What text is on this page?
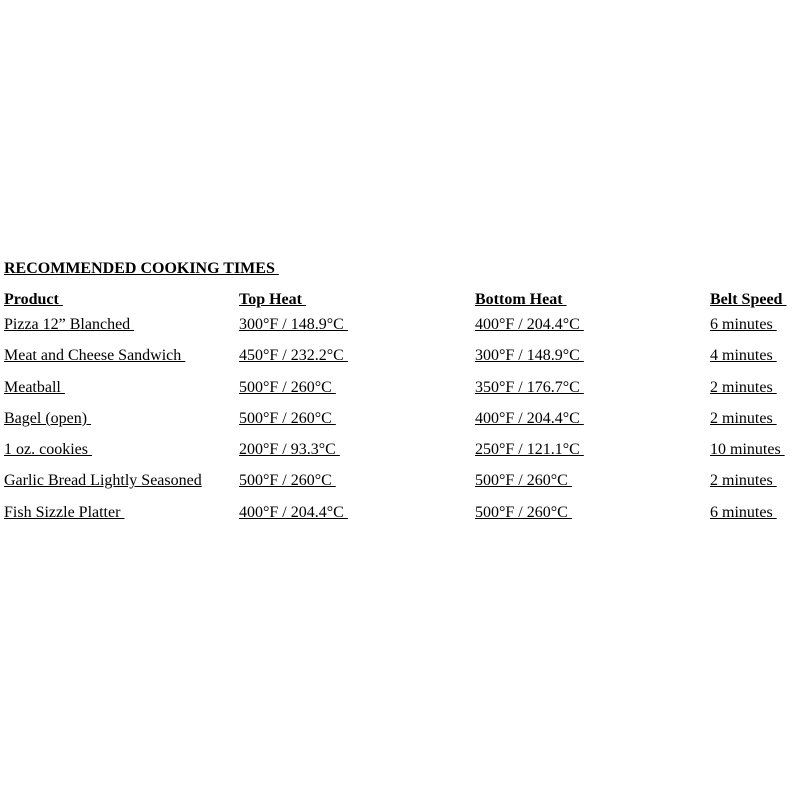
RECOMMENDED COOKING TIMES

Product	Top Heat	Bottom Heat	Belt Speed
Pizza 12” Blanched	300°F / 148.9°C	400°F / 204.4°C	6 minutes
Meat and Cheese Sandwich	450°F / 232.2°C	300°F / 148.9°C	4 minutes
Meatball	500°F / 260°C	350°F / 176.7°C	2 minutes
Bagel (open)	500°F / 260°C	400°F / 204.4°C	2 minutes
1 oz. cookies	200°F / 93.3°C	250°F / 121.1°C	10 minutes
Garlic Bread Lightly Seasoned 500°F / 260°C	500°F / 260°C	2 minutes
Fish Sizzle Platter	400°F / 204.4°C	500°F / 260°C	6 minutes
